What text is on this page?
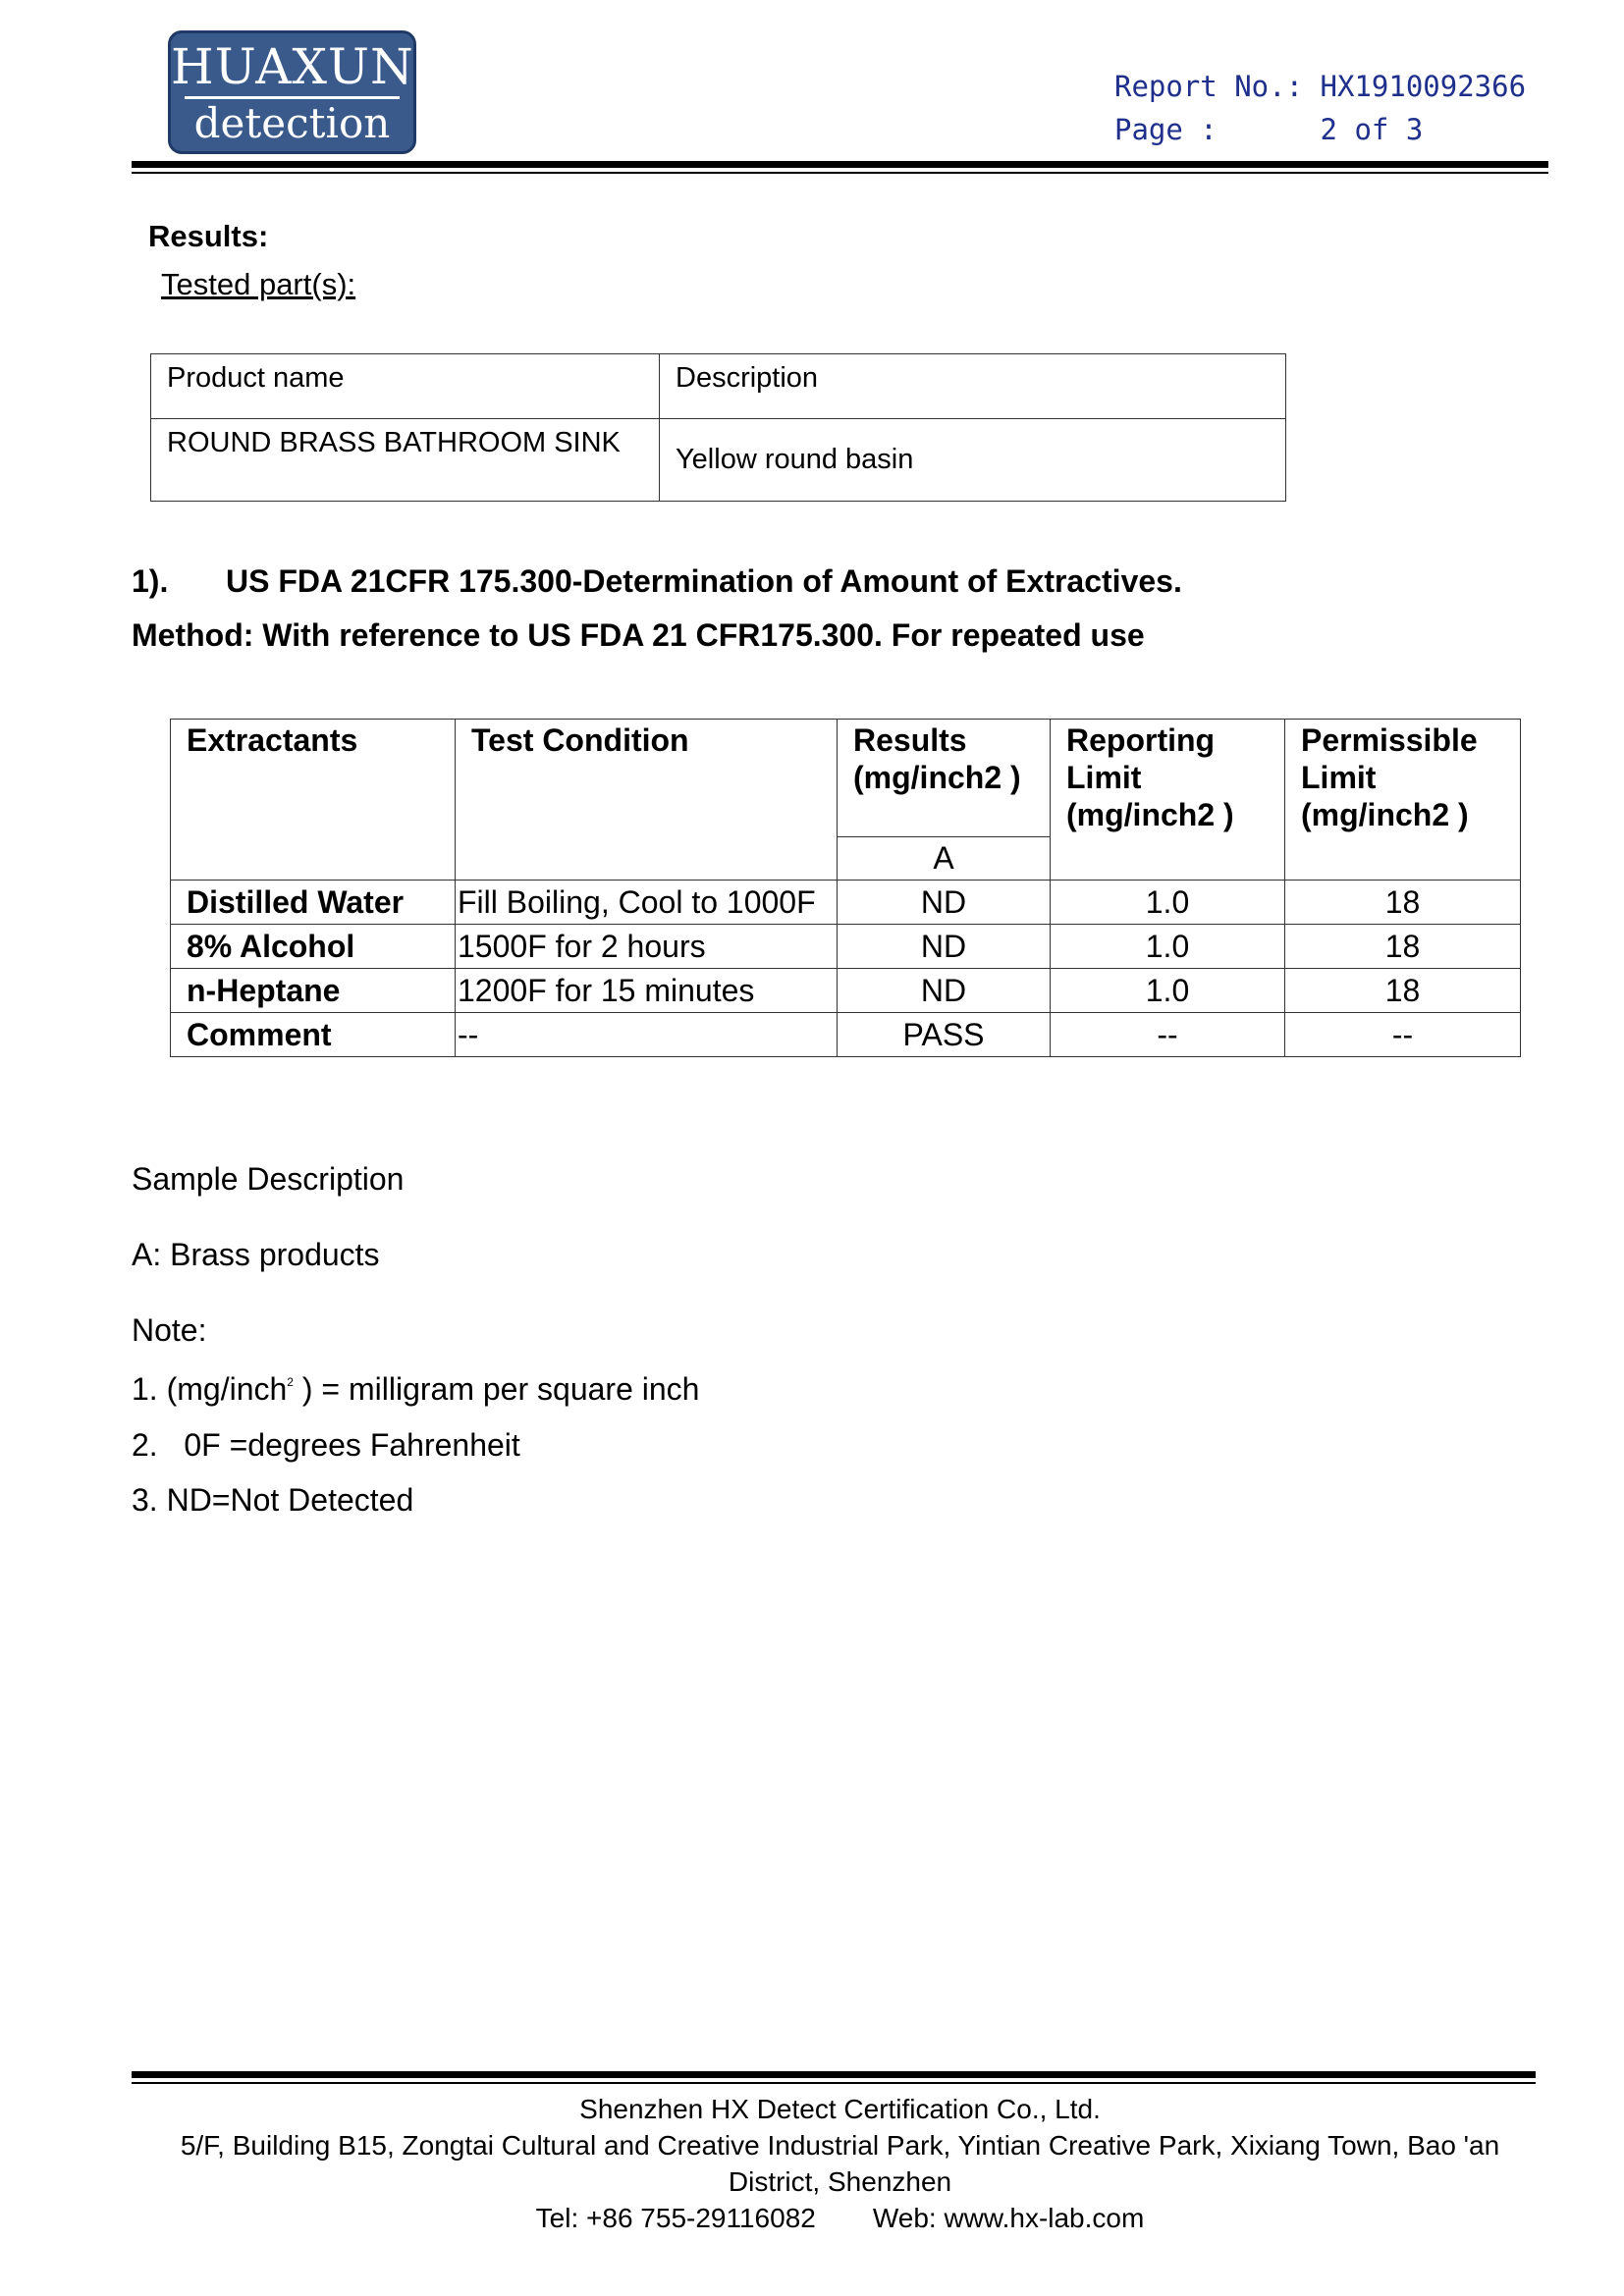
HUAXUN
detection
Report No.: HX1910092366
Page :	2 of 3
Results:
Tested part(s):
Product name	Description
ROUND BRASS BATHROOM SINK	Yellow round basin
1). US FDA 21CFR 175.300-Determination of Amount of Extractives.
Method: With reference to US FDA 21 CFR175.300. For repeated use
Extractants	Test Condition	Results (mg/inch2 )	Reporting Limit (mg/inch2 )	Permissible Limit (mg/inch2 )
		A		
Distilled Water	Fill Boiling, Cool to 1000F	ND	1.0	18
8% Alcohol	1500F for 2 hours	ND	1.0	18
n-Heptane	1200F for 15 minutes	ND	1.0	18
Comment	--	PASS	--	--
Sample Description
A: Brass products
Note:
1. (mg/inch$^2$ ) = milligram per square inch
2.   0F =degrees Fahrenheit
3. ND=Not Detected
Shenzhen HX Detect Certification Co., Ltd.
5/F, Building B15, Zongtai Cultural and Creative Industrial Park, Yintian Creative Park, Xixiang Town, Bao 'an
District, Shenzhen
Tel: +86 755-29116082 Web: www.hx-lab.com
